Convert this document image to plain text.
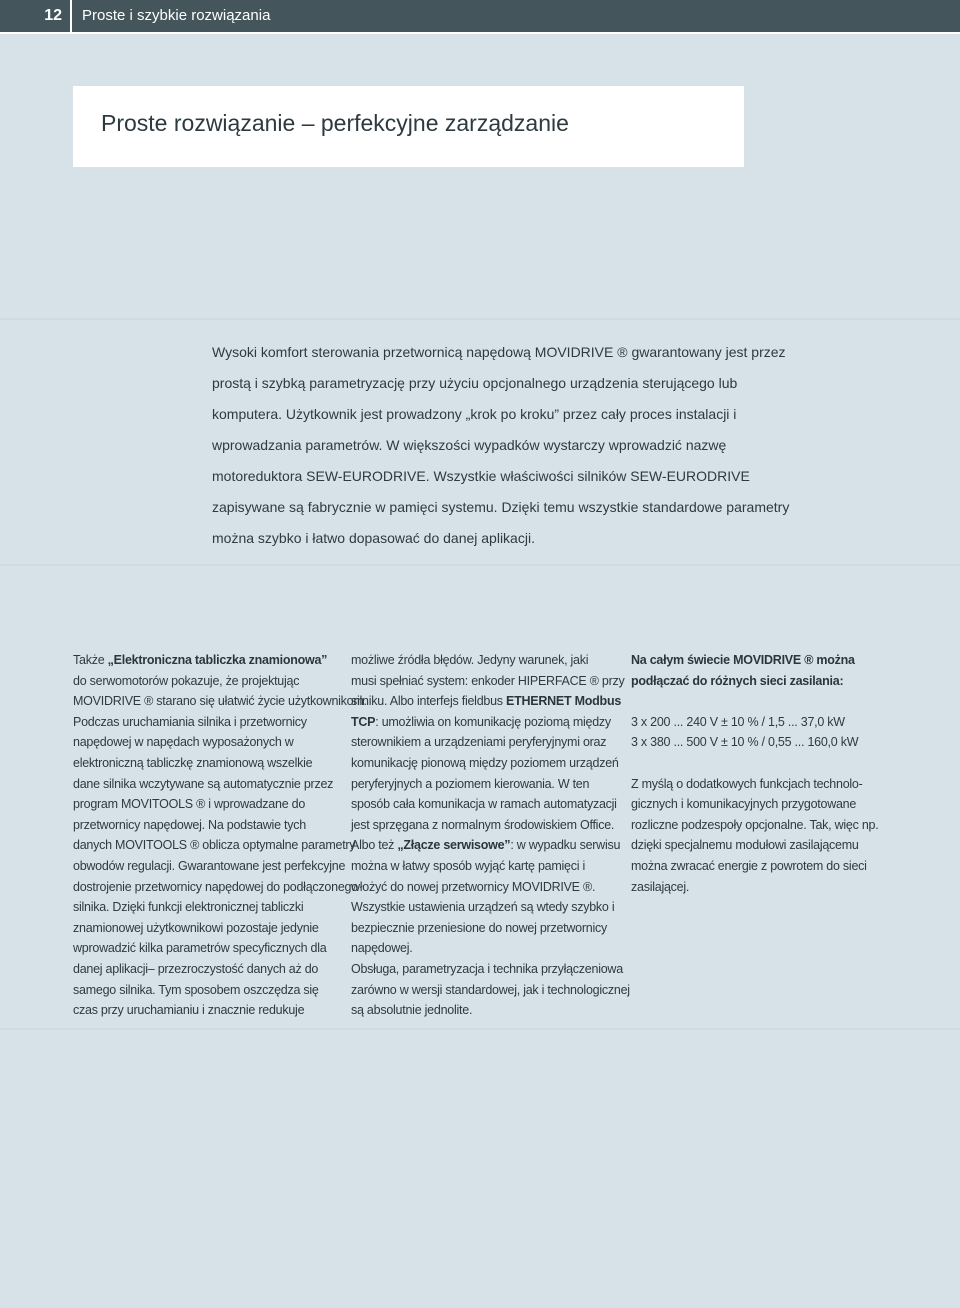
12	Proste i szybkie rozwiązania
Proste rozwiązanie – perfekcyjne zarządzanie
Wysoki komfort sterowania przetwornicą napędową MOVIDRIVE ® gwarantowany jest przez
prostą i szybką parametryzację przy użyciu opcjonalnego urządzenia sterującego lub
komputera. Użytkownik jest prowadzony „krok po kroku” przez cały proces instalacji i
wprowadzania parametrów. W większości wypadków wystarczy wprowadzić nazwę
motoreduktora SEW-EURODRIVE. Wszystkie właściwości silników SEW-EURODRIVE
zapisywane są fabrycznie w pamięci systemu. Dzięki temu wszystkie standardowe parametry
można szybko i łatwo dopasować do danej aplikacji.
Także „Elektroniczna tabliczka znamionowa”
do serwomotorów pokazuje, że projektując
MOVIDRIVE ® starano się ułatwić życie użytkownikom.
Podczas uruchamiania silnika i przetwornicy
napędowej w napędach wyposażonych w
elektroniczną tabliczkę znamionową wszelkie
dane silnika wczytywane są automatycznie przez
program MOVITOOLS ® i wprowadzane do
przetwornicy napędowej. Na podstawie tych
danych MOVITOOLS ® oblicza optymalne parametry
obwodów regulacji. Gwarantowane jest perfekcyjne
dostrojenie przetwornicy napędowej do podłączonego
silnika. Dzięki funkcji elektronicznej tabliczki
znamionowej użytkownikowi pozostaje jedynie
wprowadzić kilka parametrów specyficznych dla
danej aplikacji– przezroczystość danych aż do
samego silnika. Tym sposobem oszczędza się
czas przy uruchamianiu i znacznie redukuje
możliwe źródła błędów. Jedyny warunek, jaki
musi spełniać system: enkoder HIPERFACE ® przy
silniku. Albo interfejs fieldbus ETHERNET Modbus
TCP: umożliwia on komunikację poziomą między
sterownikiem a urządzeniami peryferyjnymi oraz
komunikację pionową między poziomem urządzeń
peryferyjnych a poziomem kierowania. W ten
sposób cała komunikacja w ramach automatyzacji
jest sprzęgana z normalnym środowiskiem Office.
Albo też „Złącze serwisowe”: w wypadku serwisu
można w łatwy sposób wyjąć kartę pamięci i
włożyć do nowej przetwornicy MOVIDRIVE ®.
Wszystkie ustawienia urządzeń są wtedy szybko i
bezpiecznie przeniesione do nowej przetwornicy
napędowej.
Obsługa, parametryzacja i technika przyłączeniowa
zarówno w wersji standardowej, jak i technologicznej
są absolutnie jednolite.
Na całym świecie MOVIDRIVE ® można
podłączać do różnych sieci zasilania:
3 x 200 ... 240 V ± 10 % / 1,5 ... 37,0 kW
3 x 380 ... 500 V ± 10 % / 0,55 ... 160,0 kW
Z myślą o dodatkowych funkcjach technolo-
gicznych i komunikacyjnych przygotowane
rozliczne podzespoły opcjonalne. Tak, więc np.
dzięki specjalnemu modułowi zasilającemu
można zwracać energie z powrotem do sieci
zasilającej.
